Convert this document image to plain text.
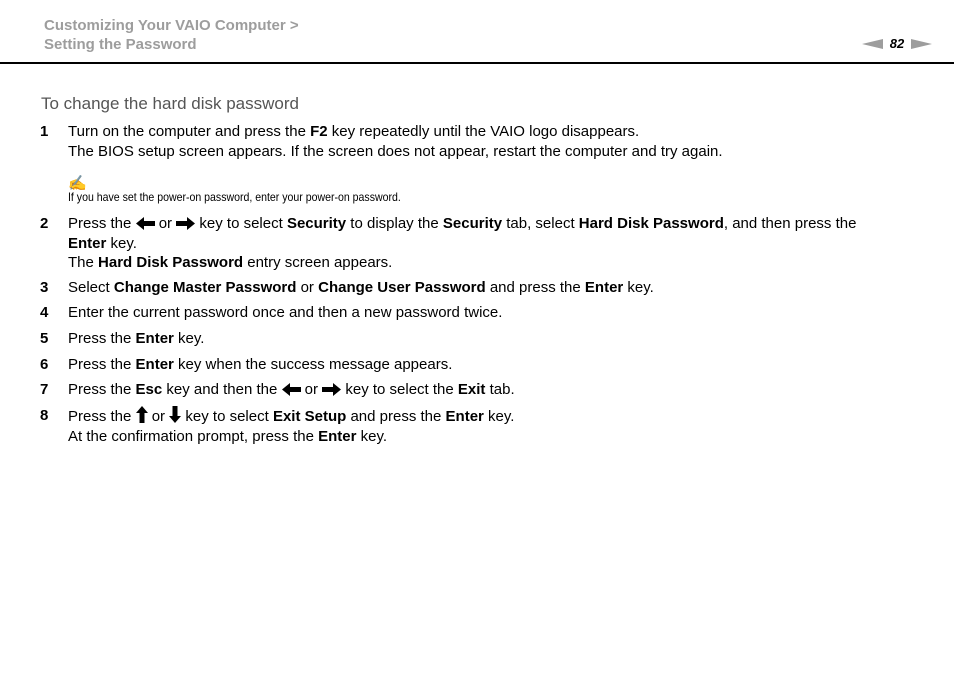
Customizing Your VAIO Computer >
Setting the Password	82
To change the hard disk password
1 Turn on the computer and press the F2 key repeatedly until the VAIO logo disappears.
The BIOS setup screen appears. If the screen does not appear, restart the computer and try again.
✍
If you have set the power-on password, enter your power-on password.
2 Press the  or  key to select Security to display the Security tab, select Hard Disk Password, and then press the
Enter key.
The Hard Disk Password entry screen appears.
3 Select Change Master Password or Change User Password and press the Enter key.
4 Enter the current password once and then a new password twice.
5 Press the Enter key.
6 Press the Enter key when the success message appears.
7 Press the Esc key and then the  or  key to select the Exit tab.
8 Press the  or  key to select Exit Setup and press the Enter key.
At the confirmation prompt, press the Enter key.
